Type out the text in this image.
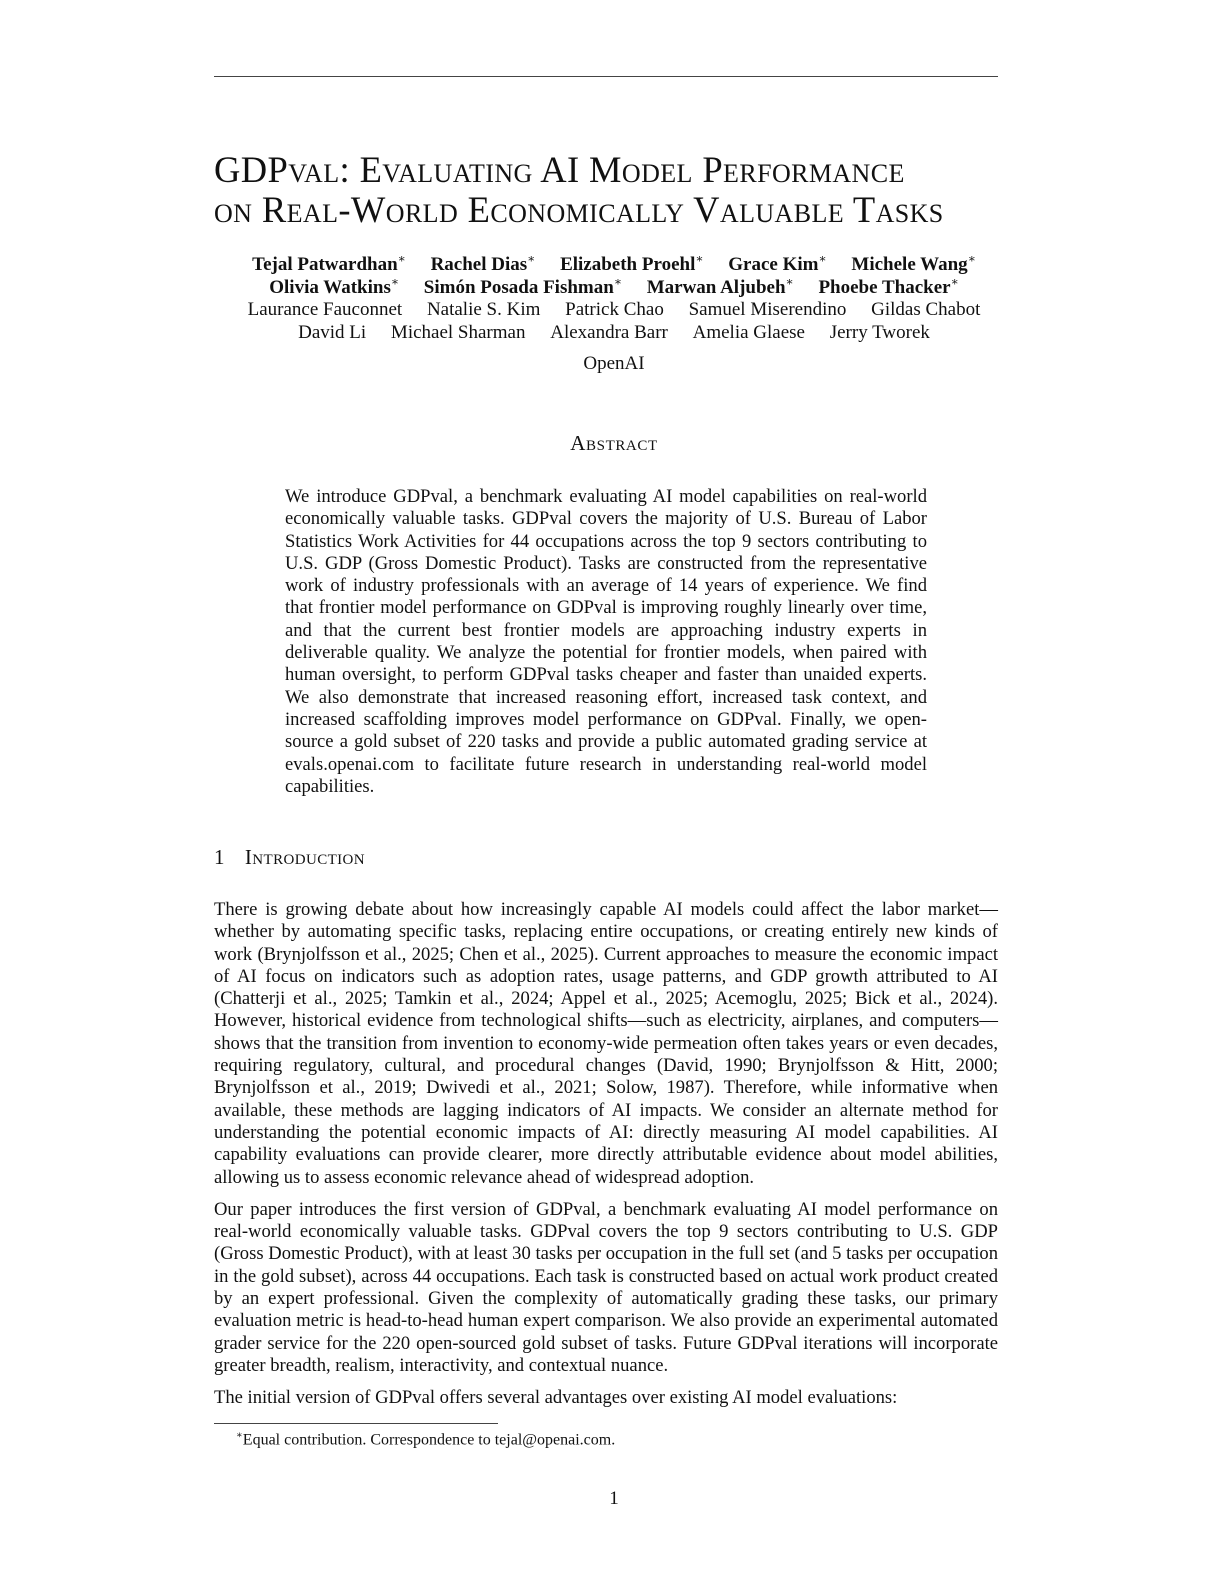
GDPval: Evaluating AI Model Performance
on Real-World Economically Valuable Tasks
Tejal Patwardhan∗ Rachel Dias∗ Elizabeth Proehl∗ Grace Kim∗ Michele Wang∗
Olivia Watkins∗ Simón Posada Fishman∗ Marwan Aljubeh∗ Phoebe Thacker∗
Laurance Fauconnet Natalie S. Kim Patrick Chao Samuel Miserendino Gildas Chabot
David Li Michael Sharman Alexandra Barr Amelia Glaese Jerry Tworek
OpenAI
Abstract
We introduce GDPval, a benchmark evaluating AI model capabilities on real-world economically valuable tasks. GDPval covers the majority of U.S. Bureau of Labor Statistics Work Activities for 44 occupations across the top 9 sectors contributing to U.S. GDP (Gross Domestic Product). Tasks are constructed from the representative work of industry professionals with an average of 14 years of experience. We find that frontier model performance on GDPval is improving roughly linearly over time, and that the current best frontier models are approaching industry experts in deliverable quality. We analyze the potential for frontier models, when paired with human oversight, to perform GDPval tasks cheaper and faster than unaided experts. We also demonstrate that increased reasoning effort, increased task context, and increased scaffolding improves model performance on GDPval. Finally, we open-source a gold subset of 220 tasks and provide a public automated grading service at evals.openai.com to facilitate future research in understanding real-world model capabilities.
1 Introduction

There is growing debate about how increasingly capable AI models could affect the labor market—whether by automating specific tasks, replacing entire occupations, or creating entirely new kinds of work (Brynjolfsson et al., 2025; Chen et al., 2025). Current approaches to measure the economic impact of AI focus on indicators such as adoption rates, usage patterns, and GDP growth attributed to AI (Chatterji et al., 2025; Tamkin et al., 2024; Appel et al., 2025; Acemoglu, 2025; Bick et al., 2024). However, historical evidence from technological shifts—such as electricity, airplanes, and computers—shows that the transition from invention to economy-wide permeation often takes years or even decades, requiring regulatory, cultural, and procedural changes (David, 1990; Brynjolfsson & Hitt, 2000; Brynjolfsson et al., 2019; Dwivedi et al., 2021; Solow, 1987). Therefore, while informative when available, these methods are lagging indicators of AI impacts. We consider an alternate method for understanding the potential economic impacts of AI: directly measuring AI model capabilities. AI capability evaluations can provide clearer, more directly attributable evidence about model abilities, allowing us to assess economic relevance ahead of widespread adoption.

Our paper introduces the first version of GDPval, a benchmark evaluating AI model performance on real-world economically valuable tasks. GDPval covers the top 9 sectors contributing to U.S. GDP (Gross Domestic Product), with at least 30 tasks per occupation in the full set (and 5 tasks per occupation in the gold subset), across 44 occupations. Each task is constructed based on actual work product created by an expert professional. Given the complexity of automatically grading these tasks, our primary evaluation metric is head-to-head human expert comparison. We also provide an experimental automated grader service for the 220 open-sourced gold subset of tasks. Future GDPval iterations will incorporate greater breadth, realism, interactivity, and contextual nuance.

The initial version of GDPval offers several advantages over existing AI model evaluations:

∗Equal contribution. Correspondence to tejal@openai.com.
1
